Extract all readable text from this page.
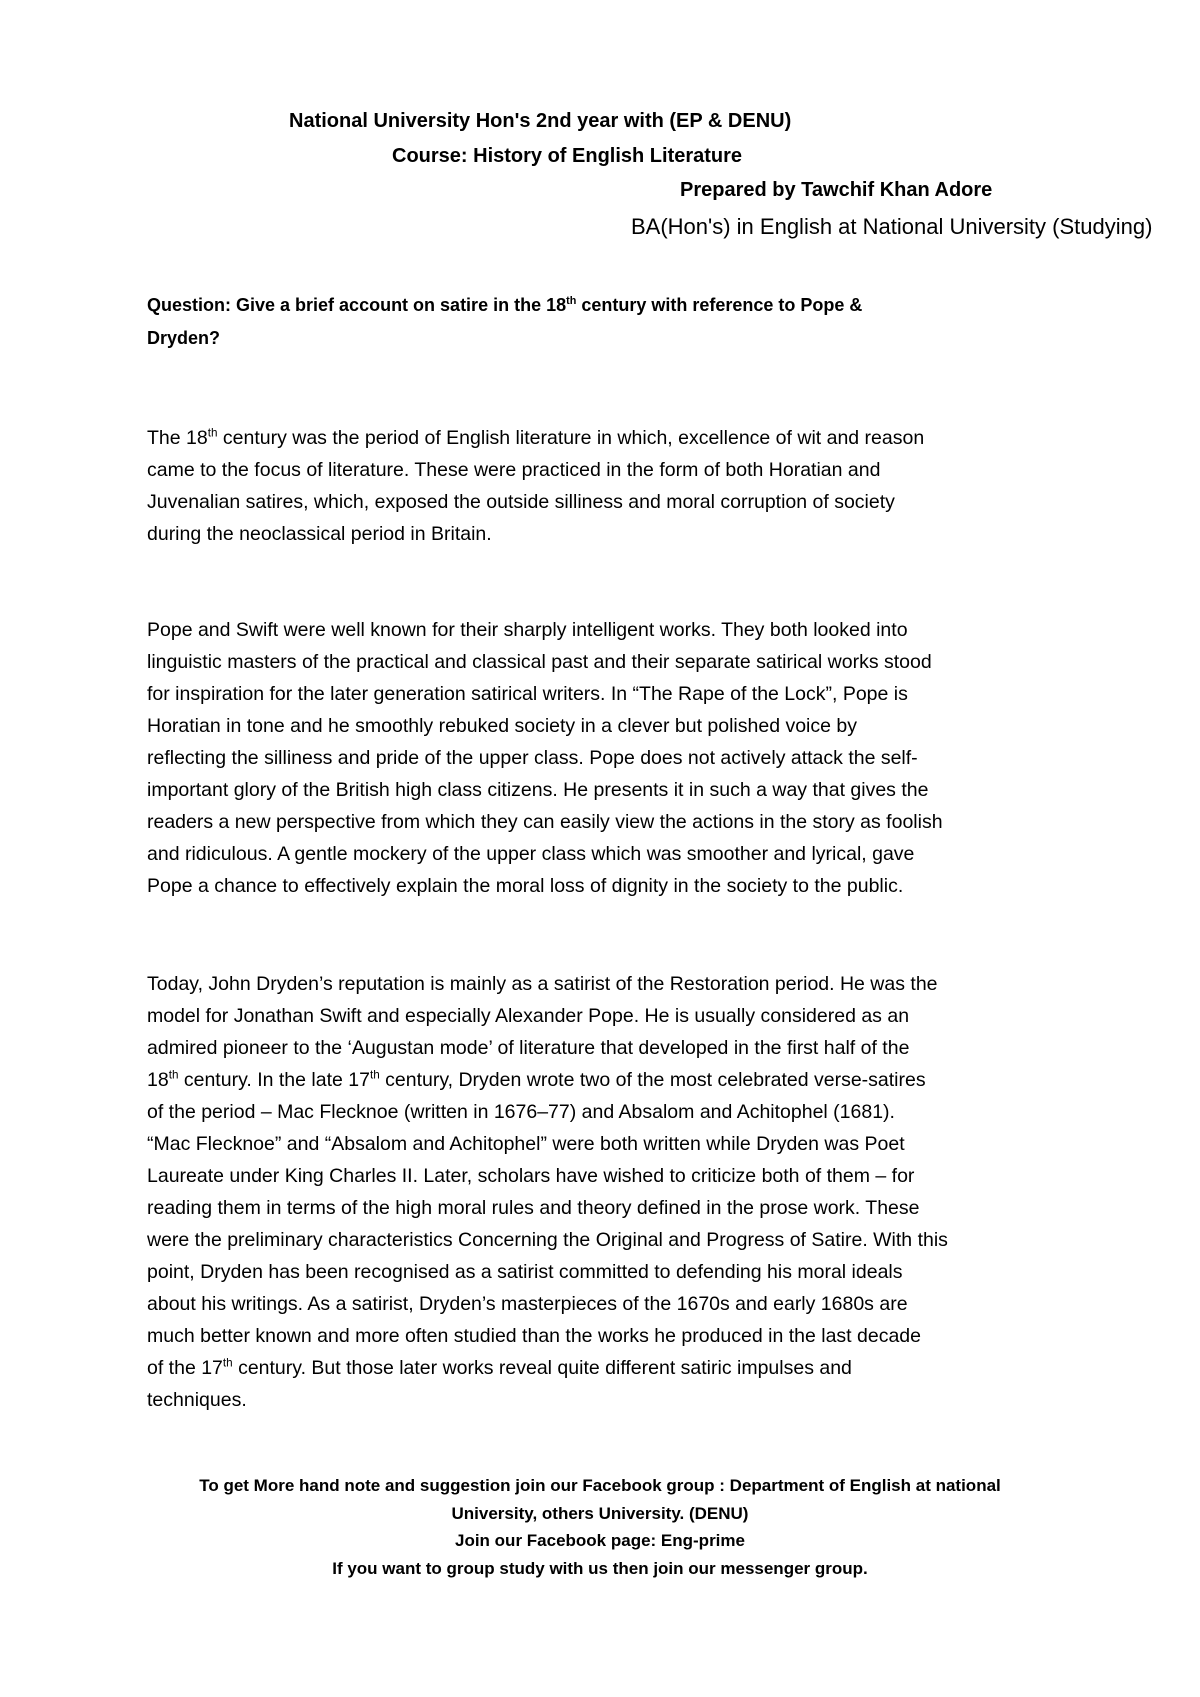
National University Hon's 2nd year with (EP & DENU)
Course: History of English Literature
Prepared by Tawchif Khan Adore
BA(Hon's) in English at National University (Studying)
Question: Give a brief account on satire in the 18th century with reference to Pope &
Dryden?

The 18th century was the period of English literature in which, excellence of wit and reason

came to the focus of literature. These were practiced in the form of both Horatian and

Juvenalian satires, which, exposed the outside silliness and moral corruption of society

during the neoclassical period in Britain.

Pope and Swift were well known for their sharply intelligent works. They both looked into

linguistic masters of the practical and classical past and their separate satirical works stood

for inspiration for the later generation satirical writers. In “The Rape of the Lock”, Pope is

Horatian in tone and he smoothly rebuked society in a clever but polished voice by

reflecting the silliness and pride of the upper class. Pope does not actively attack the self-

important glory of the British high class citizens. He presents it in such a way that gives the

readers a new perspective from which they can easily view the actions in the story as foolish

and ridiculous. A gentle mockery of the upper class which was smoother and lyrical, gave

Pope a chance to effectively explain the moral loss of dignity in the society to the public.

Today, John Dryden’s reputation is mainly as a satirist of the Restoration period. He was the

model for Jonathan Swift and especially Alexander Pope. He is usually considered as an

admired pioneer to the ‘Augustan mode’ of literature that developed in the first half of the

18th century. In the late 17th century, Dryden wrote two of the most celebrated verse-satires

of the period – Mac Flecknoe (written in 1676–77) and Absalom and Achitophel (1681).

“Mac Flecknoe” and “Absalom and Achitophel” were both written while Dryden was Poet

Laureate under King Charles II. Later, scholars have wished to criticize both of them – for

reading them in terms of the high moral rules and theory defined in the prose work. These

were the preliminary characteristics Concerning the Original and Progress of Satire. With this

point, Dryden has been recognised as a satirist committed to defending his moral ideals

about his writings. As a satirist, Dryden’s masterpieces of the 1670s and early 1680s are

much better known and more often studied than the works he produced in the last decade

of the 17th century. But those later works reveal quite different satiric impulses and

techniques.

To get More hand note and suggestion join our Facebook group : Department of English at national

University, others University. (DENU)

Join our Facebook page: Eng-prime

If you want to group study with us then join our messenger group.
